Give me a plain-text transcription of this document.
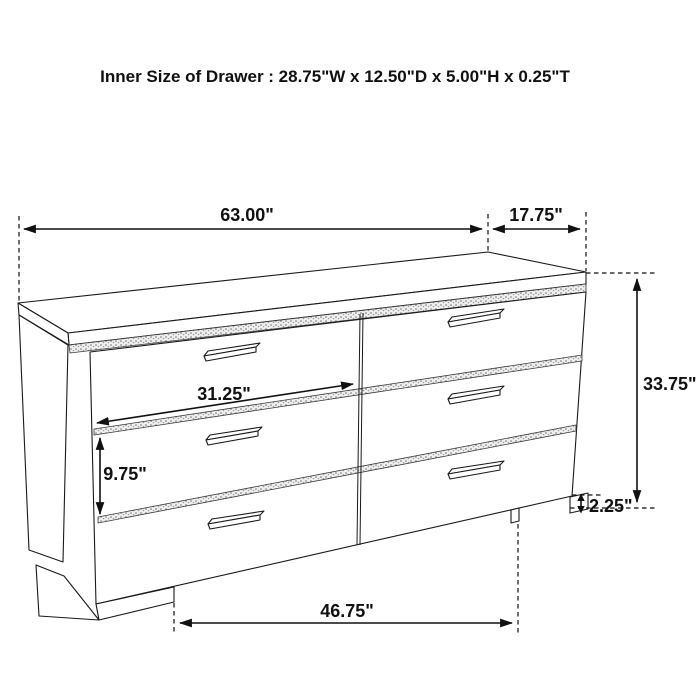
Inner Size of Drawer : 28.75"W x 12.50"D x 5.00"H x 0.25"T
63.00"	17.75"
33.75"
31.25"
9.75"
2.25"
46.75"
